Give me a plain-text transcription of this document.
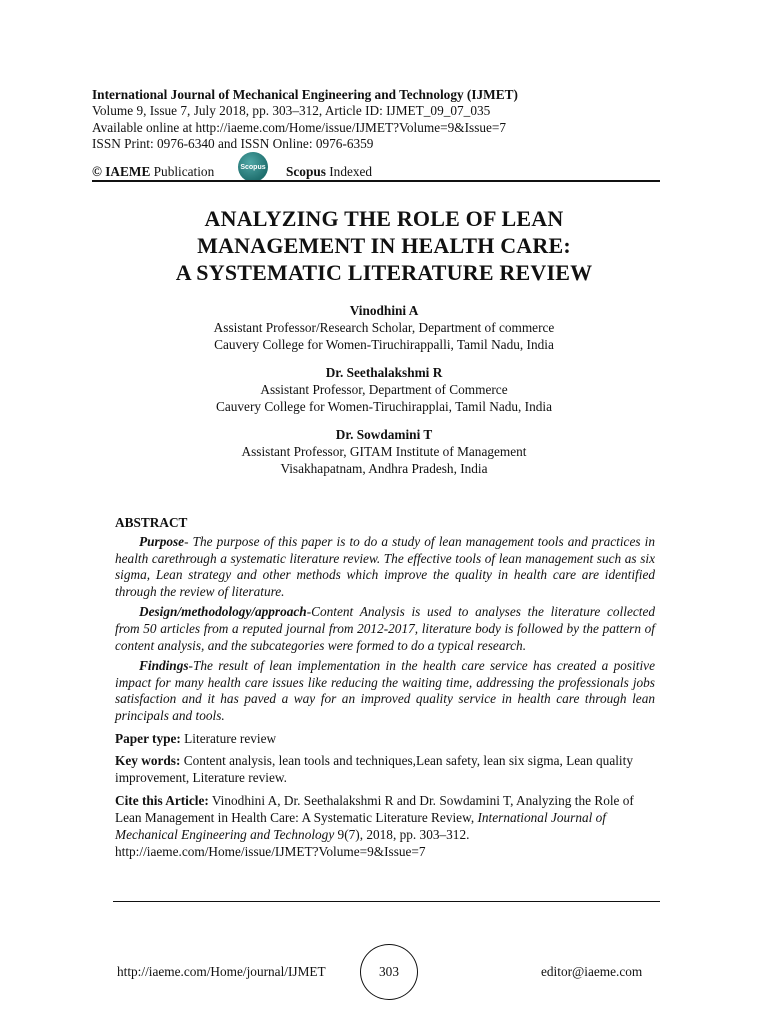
International Journal of Mechanical Engineering and Technology (IJMET)
Volume 9, Issue 7, July 2018, pp. 303–312, Article ID: IJMET_09_07_035
Available online at http://iaeme.com/Home/issue/IJMET?Volume=9&Issue=7
ISSN Print: 0976-6340 and ISSN Online: 0976-6359
© IAEME Publication	Scopus Scopus Indexed
ANALYZING THE ROLE OF LEAN
MANAGEMENT IN HEALTH CARE:
A SYSTEMATIC LITERATURE REVIEW
Vinodhini A
Assistant Professor/Research Scholar, Department of commerce
Cauvery College for Women-Tiruchirappalli, Tamil Nadu, India
Dr. Seethalakshmi R
Assistant Professor, Department of Commerce
Cauvery College for Women-Tiruchirapplai, Tamil Nadu, India
Dr. Sowdamini T
Assistant Professor, GITAM Institute of Management
Visakhapatnam, Andhra Pradesh, India
ABSTRACT
Purpose- The purpose of this paper is to do a study of lean management tools and practices in health carethrough a systematic literature review. The effective tools of lean management such as six sigma, Lean strategy and other methods which improve the quality in health care are identified through the review of literature.
Design/methodology/approach-Content Analysis is used to analyses the literature collected from 50 articles from a reputed journal from 2012-2017, literature body is followed by the pattern of content analysis, and the subcategories were formed to do a typical research.
Findings-The result of lean implementation in the health care service has created a positive impact for many health care issues like reducing the waiting time, addressing the professionals jobs satisfaction and it has paved a way for an improved quality service in health care through lean principals and tools.
Paper type: Literature review
Key words: Content analysis, lean tools and techniques,Lean safety, lean six sigma, Lean quality improvement, Literature review.
Cite this Article: Vinodhini A, Dr. Seethalakshmi R and Dr. Sowdamini T, Analyzing the Role of Lean Management in Health Care: A Systematic Literature Review, International Journal of Mechanical Engineering and Technology 9(7), 2018, pp. 303–312.
http://iaeme.com/Home/issue/IJMET?Volume=9&Issue=7
http://iaeme.com/Home/journal/IJMET	303	editor@iaeme.com
